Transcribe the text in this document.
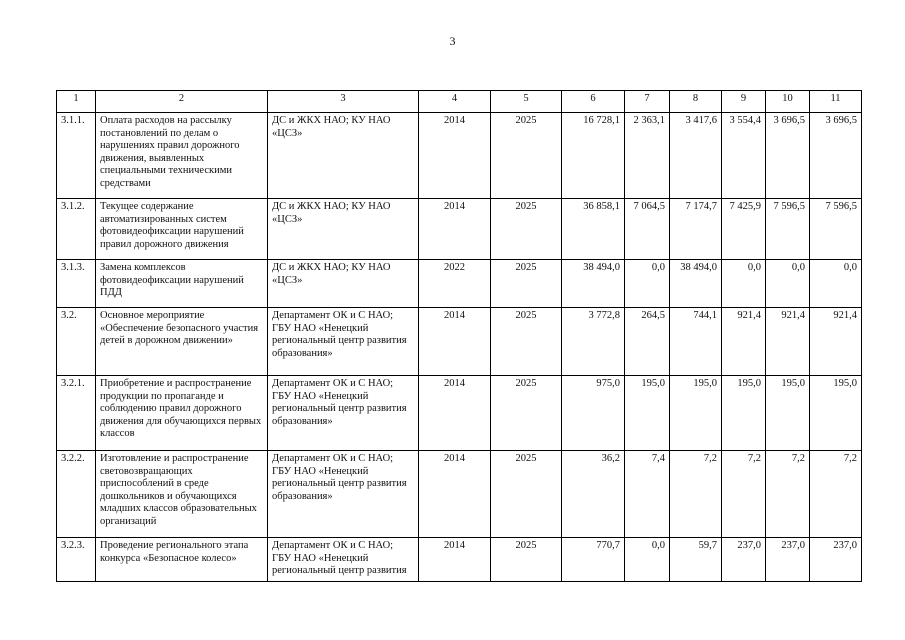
3
1	2	3	4	5	6	7	8	9	10	11
3.1.1.	Оплата расходов на рассылку постановлений по делам о нарушениях правил дорожного движения, выявленных специальными техническими средствами	ДС и ЖКХ НАО; КУ НАО «ЦСЗ»	2014	2025	16 728,1	2 363,1	3 417,6	3 554,4	3 696,5	3 696,5
3.1.2.	Текущее содержание автоматизированных систем фотовидеофиксации нарушений правил дорожного движения	ДС и ЖКХ НАО; КУ НАО «ЦСЗ»	2014	2025	36 858,1	7 064,5	7 174,7	7 425,9	7 596,5	7 596,5
3.1.3.	Замена комплексов фотовидеофиксации нарушений ПДД	ДС и ЖКХ НАО; КУ НАО «ЦСЗ»	2022	2025	38 494,0	0,0	38 494,0	0,0	0,0	0,0
3.2.	Основное мероприятие «Обеспечение безопасного участия детей в дорожном движении»	Департамент ОК и С НАО; ГБУ НАО «Ненецкий региональный центр развития образования»	2014	2025	3 772,8	264,5	744,1	921,4	921,4	921,4
3.2.1.	Приобретение и распространение продукции по пропаганде и соблюдению правил дорожного движения для обучающихся первых классов	Департамент ОК и С НАО; ГБУ НАО «Ненецкий региональный центр развития образования»	2014	2025	975,0	195,0	195,0	195,0	195,0	195,0
3.2.2.	Изготовление и распространение световозвращающих приспособлений в среде дошкольников и обучающихся младших классов образовательных организаций	Департамент ОК и С НАО; ГБУ НАО «Ненецкий региональный центр развития образования»	2014	2025	36,2	7,4	7,2	7,2	7,2	7,2
3.2.3.	Проведение регионального этапа конкурса «Безопасное колесо»	Департамент ОК и С НАО; ГБУ НАО «Ненецкий региональный центр развития	2014	2025	770,7	0,0	59,7	237,0	237,0	237,0
